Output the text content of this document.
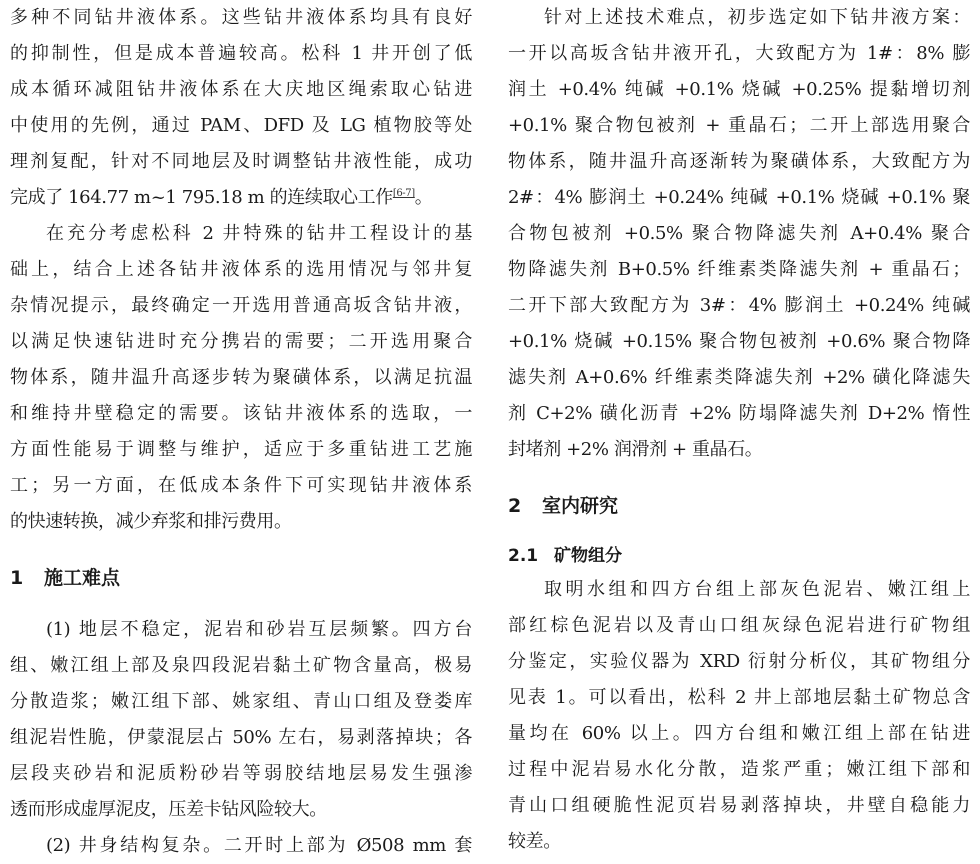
多种不同钻井液体系。这些钻井液体系均具有良好
的抑制性，但是成本普遍较高。松科 1 井开创了低
成本循环减阻钻井液体系在大庆地区绳索取心钻进
中使用的先例，通过 PAM、DFD 及 LG 植物胶等处
理剂复配，针对不同地层及时调整钻井液性能，成功
完成了 164.77 m~1 795.18 m 的连续取心工作[6-7]。
在充分考虑松科 2 井特殊的钻井工程设计的基
础上，结合上述各钻井液体系的选用情况与邻井复
杂情况提示，最终确定一开选用普通高坂含钻井液，
以满足快速钻进时充分携岩的需要；二开选用聚合
物体系，随井温升高逐步转为聚磺体系，以满足抗温
和维持井壁稳定的需要。该钻井液体系的选取，一
方面性能易于调整与维护，适应于多重钻进工艺施
工；另一方面，在低成本条件下可实现钻井液体系
的快速转换，减少弃浆和排污费用。
1 施工难点
(1) 地层不稳定，泥岩和砂岩互层频繁。四方台
组、嫩江组上部及泉四段泥岩黏土矿物含量高，极易
分散造浆；嫩江组下部、姚家组、青山口组及登娄库
组泥岩性脆，伊蒙混层占 50% 左右，易剥落掉块；各
层段夹砂岩和泥质粉砂岩等弱胶结地层易发生强渗
透而形成虚厚泥皮，压差卡钻风险较大。
(2) 井身结构复杂。二开时上部为 Ø508 mm 套
针对上述技术难点，初步选定如下钻井液方案：
一开以高坂含钻井液开孔，大致配方为 1#：8% 膨
润土 +0.4% 纯碱 +0.1% 烧碱 +0.25% 提黏增切剂
+0.1% 聚合物包被剂 + 重晶石；二开上部选用聚合
物体系，随井温升高逐渐转为聚磺体系，大致配方为
2#：4% 膨润土 +0.24% 纯碱 +0.1% 烧碱 +0.1% 聚
合物包被剂 +0.5% 聚合物降滤失剂 A+0.4% 聚合
物降滤失剂 B+0.5% 纤维素类降滤失剂 + 重晶石；
二开下部大致配方为 3#：4% 膨润土 +0.24% 纯碱
+0.1% 烧碱 +0.15% 聚合物包被剂 +0.6% 聚合物降
滤失剂 A+0.6% 纤维素类降滤失剂 +2% 磺化降滤失
剂 C+2% 磺化沥青 +2% 防塌降滤失剂 D+2% 惰性
封堵剂 +2% 润滑剂 + 重晶石。
2 室内研究
2.1 矿物组分
取明水组和四方台组上部灰色泥岩、嫩江组上
部红棕色泥岩以及青山口组灰绿色泥岩进行矿物组
分鉴定，实验仪器为 XRD 衍射分析仪，其矿物组分
见表 1。可以看出，松科 2 井上部地层黏土矿物总含
量均在 60% 以上。四方台组和嫩江组上部在钻进
过程中泥岩易水化分散，造浆严重；嫩江组下部和
青山口组硬脆性泥页岩易剥落掉块，井壁自稳能力
较差。
